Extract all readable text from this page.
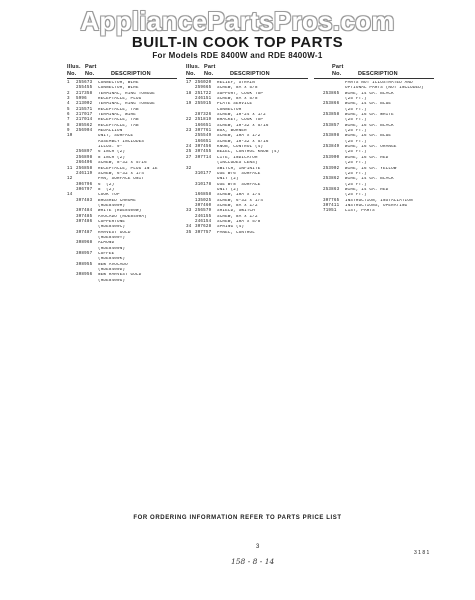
AppliancePartsPros.com
BUILT-IN COOK TOP PARTS
For Models RDE 8400W and RDE 8400W-1
Illus. Part
No.	No.	DESCRIPTION
1	255673	CONNECTOR, WIRE
255455	CONNECTOR, WIRE
2	217358	TERMINAL, RING TONGUE
3	5996	RECEPTACLE, PLUG
4	213002	TERMINAL, RING TONGUE
5	215571	RECEPTACLE, TAB
6	217017	TERMINAL, WIRE
7	217014	RECEPTACLE, TAB
8	285562	RECEPTACLE, TAB
9	256904	MEDALLION
10	UNIT, SURFACE
ASSEMBLY INCLUDES
ILLUS. 9-
256897	6 INCH (2)
256898	8 INCH (2)
266406	SCREW, 8-32 x 5/16
11 256858	RECEPTACLE, PLUG IN 1E
246119	SCREW, 6-32 x 1/4
12	PAN, SURFACE UNIT
306796	6" (2)
306797	8" (2)
14	COOK TOP
307483	BRUSHED CHROME
(RDE8400M)
307484	WHITE (RDE8400W)
307485	AVOCADO (RDE8400A)
307486	COPPERTONE
(RDE8400C)
307487	HARVEST GOLD
(RDE8400Y)
308968	ALMOND
(RDE8400N)
308957	COFFEE
(RDE8400K)
308955	NEW AVOCADO
(RDE8400D)
308956	NEW HARVEST GOLD
(RDE8400G)
Illus. Part
No.	No.	DESCRIPTION
17 256020	RELIEF, STRAIN
259665	SCREW, 8A x 5/8
18 251722	SUPPORT, COOK TOP
246151	SCREW, 8A x 5/8
19 255915	PLATE SERVICE
CONNECTOR
287326	SCREW, 10-24 x 1/2
22 251819	BRACKET, COOK TOP
166651	SCREW, 10-32 x 5/16
23 307761	BOX, BURNER
255549	SCREW, 10A x 1/2
166651	SCREW, 10-32 x 5/16
24 307456	KNOB, CONTROL (4)
25 307455	BEZEL, CONTROL KNOB (4)
27 307714	LITE, INDICATOR
(INCLUDES LENS)
32	SWITCH, INFINITE
310177	USE W/6" SURFACE
UNIT (2)
310178	USE W/8" SURFACE
UNIT (2)
166858	SCREW, 10A x 1/4
135025	SCREW, 6-32 x 1/4
307460	SCREW, 8A x 1/2
33 256579	SHIELD, SWITCH
246155	SCREW, 8A x 1/2
246154	SCREW, 10A x 5/8
34 307628	SPRING (4)
35 307757	PANEL, CONTROL
Part
No.	DESCRIPTION
PARTS NOT ILLUSTRATED AND
OPTIONAL PARTS (NOT INCLUDED)
253865	WIRE, 14 GA. BLACK
(25 FT.)
253866	WIRE, 14 GA. BLUE
(25 FT.)
253858	WIRE, 16 GA. WHITE
(25 FT.)
253857	WIRE, 16 GA. BLACK
(25 FT.)
253898	WIRE, 16 GA. BLUE
(25 FT.)
253849	WIRE, 16 GA. ORANGE
(25 FT.)
253900	WIRE, 16 GA. RED
(25 FT.)
253902	WIRE, 16 GA. YELLOW
(25 FT.)
253862	WIRE, 14 GA. BLACK
(25 FT.)
253863	WIRE, 14 GA. RED
(25 FT.)
307765	INSTRUCTION, INSTALLATION
307411	INSTRUCTIONS, OPERATING
71951	LIST, PARTS
FOR ORDERING INFORMATION REFER TO PARTS PRICE LIST
3
3 1 8 1
158 - 8 - 14
